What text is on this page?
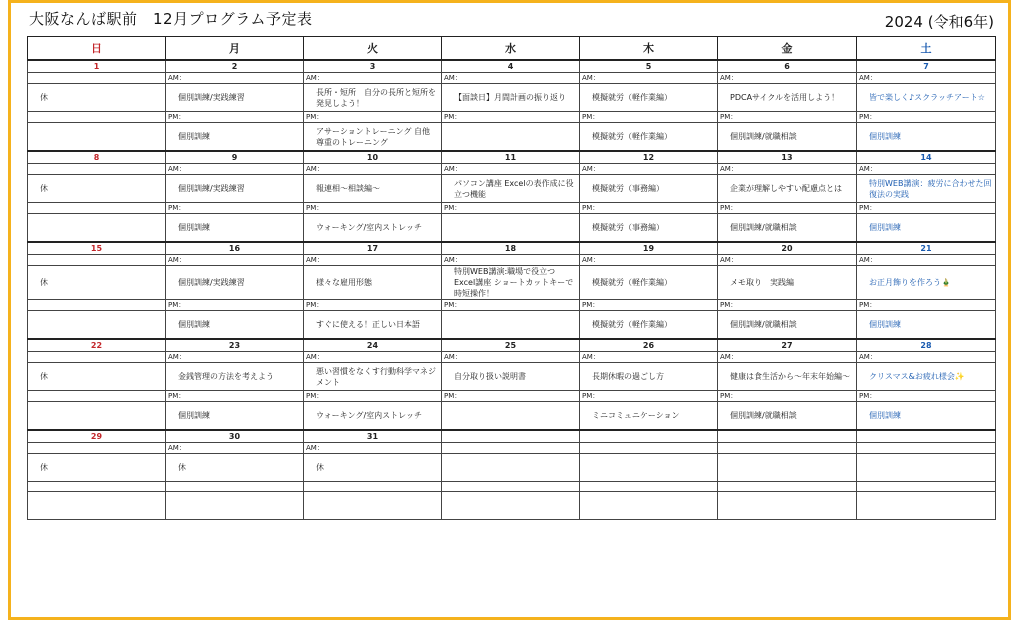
大阪なんば駅前　12月プログラム予定表	2024 (令和6年)
日	月	火	水	木	金	土
1	2	3	4	5	6	7
	AM：	AM：	AM：	AM：	AM：	AM：
休	個別訓練/実践練習	長所・短所　自分の長所と短所を発見しよう！	【面談日】月間計画の振り返り	模擬就労（軽作業編）	PDCAサイクルを活用しよう！	皆で楽しく♪スクラッチアート☆
	PM：	PM：	PM：	PM：	PM：	PM：
	個別訓練	アサーショントレーニング 自他尊重のトレーニング		模擬就労（軽作業編）	個別訓練/就職相談	個別訓練
8	9	10	11	12	13	14
	AM：	AM：	AM：	AM：	AM：	AM：
休	個別訓練/実践練習	報連相～相談編～	パソコン講座 Excelの表作成に役立つ機能	模擬就労（事務編）	企業が理解しやすい配慮点とは	特別WEB講演：疲労に合わせた回復法の実践
	PM：	PM：	PM：	PM：	PM：	PM：
	個別訓練	ウォーキング/室内ストレッチ		模擬就労（事務編）	個別訓練/就職相談	個別訓練
15	16	17	18	19	20	21
	AM：	AM：	AM：	AM：	AM：	AM：
休	個別訓練/実践練習	様々な雇用形態	特別WEB講演:職場で役立つExcel講座 ショートカットキーで時短操作！	模擬就労（軽作業編）	メモ取り　実践編	お正月飾りを作ろう🎍
	PM：	PM：	PM：	PM：	PM：	PM：
	個別訓練	すぐに使える！正しい日本語		模擬就労（軽作業編）	個別訓練/就職相談	個別訓練
22	23	24	25	26	27	28
	AM：	AM：	AM：	AM：	AM：	AM：
休	金銭管理の方法を考えよう	悪い習慣をなくす行動科学マネジメント	自分取り扱い説明書	長期休暇の過ごし方	健康は食生活から～年末年始編～	クリスマス&お疲れ様会✨
	PM：	PM：	PM：	PM：	PM：	PM：
	個別訓練	ウォーキング/室内ストレッチ		ミニコミュニケーション	個別訓練/就職相談	個別訓練
29	30	31				
	AM：	AM：				
休	休	休				
